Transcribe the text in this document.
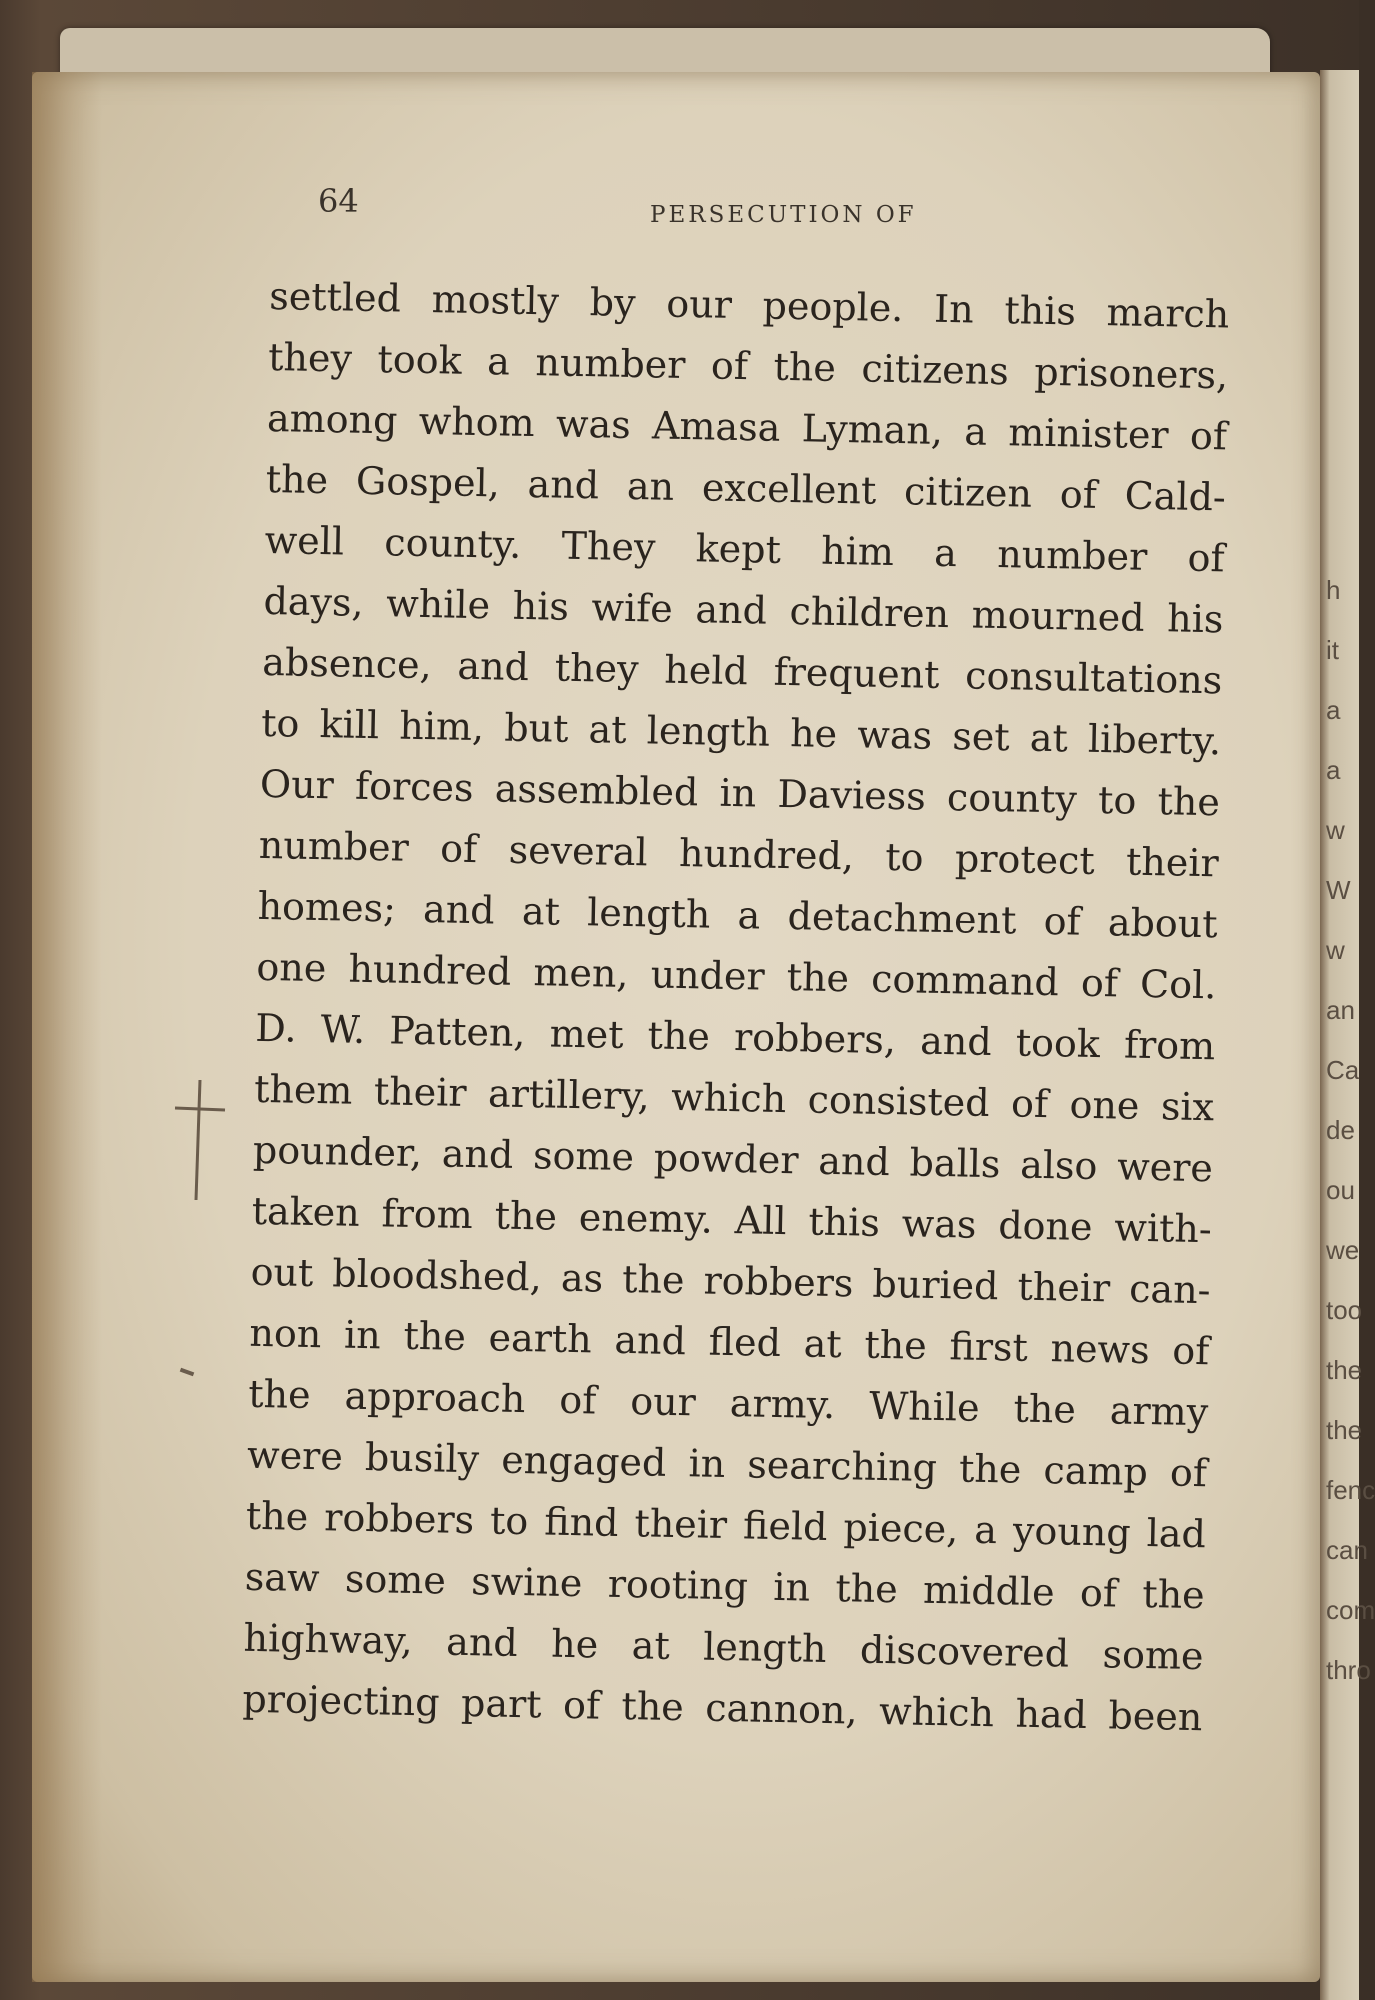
h
it
a
a
w
W
w
an
Ca
de
ou
we
too
the
the
fenc
can
com
thro
64	PERSECUTION OF
settled mostly by our people. In this march
they took a number of the citizens prisoners,
among whom was Amasa Lyman, a minister of
the Gospel, and an excellent citizen of Cald-
well county. They kept him a number of
days, while his wife and children mourned his
absence, and they held frequent consultations
to kill him, but at length he was set at liberty.
Our forces assembled in Daviess county to the
number of several hundred, to protect their
homes; and at length a detachment of about
one hundred men, under the command of Col.
D. W. Patten, met the robbers, and took from
them their artillery, which consisted of one six
pounder, and some powder and balls also were
taken from the enemy. All this was done with-
out bloodshed, as the robbers buried their can-
non in the earth and fled at the first news of
the approach of our army. While the army
were busily engaged in searching the camp of
the robbers to find their field piece, a young lad
saw some swine rooting in the middle of the
highway, and he at length discovered some
projecting part of the cannon, which had been
